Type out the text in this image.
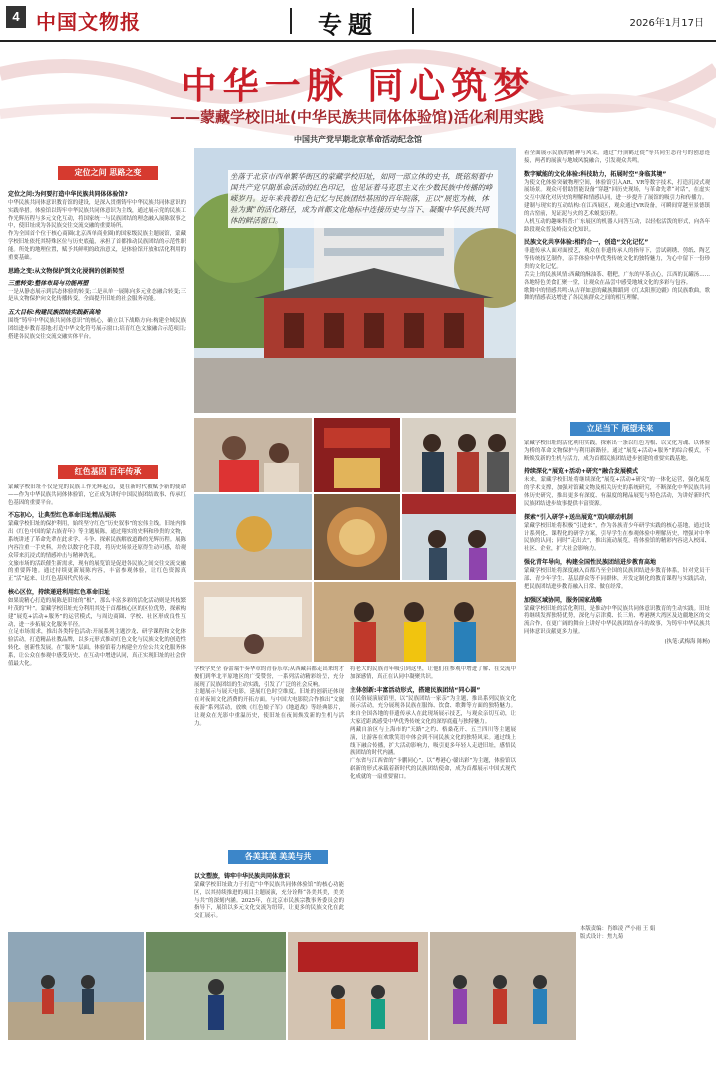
4 中国文物报	专题	2026年1月17日
中华一脉 同心筑梦
——蒙藏学校旧址(中华民族共同体体验馆)活化利用实践
中国共产党早期北京革命活动纪念馆
坐落于北京市西单繁华街区的蒙藏学校旧址，如同一部立体的史书，既铭刻着中国共产党早期革命活动的红色印记，也见证着马克思主义在少数民族中传播的峥嵘岁月。近年来我着红色记忆与民族团结基因的百年院落，正以“展览为核、体验为翼”的活化路径，成为首都文化地标中连接历史与当下、凝聚中华民族共同体的鲜活窗口。
定位之问 思路之变
定位之问:为何要打造中华民族共同体体验馆?

中华民族共同体意识教育馆的建设，是深入贯彻铸牢中华民族共同体意识的实践举措。体验馆以铸牢中华民族共同体意识为主线，通过展示党的民族工作光辉历程与多元文化互动，将国家统一与民族团结的理念融入展陈叙事之中，使旧址成为各民族交往交流交融的重要场所。

作为全国首个位于核心商圈(北京西单商业圈)的国家级民族主题展馆，蒙藏学校旧址依托其特殊区位与历史底蕴，承担了首都推动民族团结的示范性职能。所处的地理位置，赋予其鲜明的政治意义，是体验馆开放和活化利用的重要基础。

思路之变:从文物保护到文化浸润的创新转型
三重转变:整体布局与功能再塑

一是从静态展示到活态体验的转变;二是从单一展陈向多元业态融合转变;三是从文物保护向文化传播转变，全面提升旧址的社会服务功能。

五大目标:构建民族团结实践新高地

围绕“铸牢中华民族共同体意识”的核心，确立以下战略方向:构建全域民族团结进步教育基地;打造中华文化符号展示窗口;培育红色文旅融合示范项目;搭建各民族交往交流交融实体平台。

红色基因 百年传承

蒙藏学校旧址不仅是党的民族工作光辉起点，更在新时代被赋予新的使命——作为中华民族共同体体验馆，它正成为讲好中国民族团结故事、传承红色基因的重要平台。

不忘初心，让典型红色革命旧址精品展陈

蒙藏学校旧址的保护利用，始终坚守红色“历史叙事”的宏伟主线。旧址内推出《红色中国的蒙古族青年》等主题展陈，通过翔实的史料和珍贵的文物，系统讲述了革命先辈在此求学、斗争、探索民族解放道路的光辉历程。展陈内容注重一手史料，并佐以数字化手段，将历史场景还原得生动可感，给观众带来沉浸式的情感冲击与精神洗礼。

文旅市场的活跃催生新需求，现有的展览馆是促进各民族之间交往交流交融的重要阵地。通过持续更新展陈内容，丰富参观体验，让红色资源真正“活”起来、让红色基因代代传承。

核心区位，持续递进利用红色革命旧址

如果说精心打造的展陈是旧址的“根”，那么丰富多彩的活化活动则是其枝繁叶茂的“叶”。蒙藏学校旧址充分利用其处于首都核心区的区位优势，探索构建“展览+活动+服务”的运营模式，与周边商圈、学校、社区形成良性互动，进一步拓展文化服务半径。

立足市场需求，推出各类特色活动:开展系列主题沙龙、研学课程和文化体验活动，打造精品社教品牌，以多元形式推动红色文化与民族文化的创造性转化、创新性发展。在“服务”层面，体验馆着力构建全方位公共文化服务体系，让公众在参观中感受历史、在互动中增进认同，真正实现旧址的社会价值最大化。

学校学史全 春蕾端午奏华章的青春乐章;从西藏昌都走出来的才俊们到华北平原地区的广受赞誉，一系列活动精彩纷呈，充分展现了民族团结的生动实践，引发了广泛的社会反响。

主题展示与展天电影，延展红色时空维度。旧址的创新还体现在对夜间文化消费的开拓方面。与中国大电影院合作推出“文旅夜游”系列活动，放映《红色娘子军》《地道战》等经典影片，让观众在光影中重温历史，使旧址在夜间焕发新的生机与活力。

各美其美 美美与共
以文塑旅，铸牢中华民族共同体意识

蒙藏学校旧址致力于打造“中华民族共同体体验馆”的核心功能区，以其持续推进的项目主题展演，充分诠释“各美其美，美美与共”的深刻内涵。2025年，在北京市民族宗教事务委员会的指导下，展馆以多元文化交流为纽带，让更多的民族文化在此交汇展示。

将老大的民族青年吸引到这里，让他们在参观中增进了解、在交流中加深感情，真正在认同中凝聚共识。

主体创新:丰富活动形式，搭建民族团结“同心圆”

在民俗展演展馆里，以“民族团结一家亲”为主题，推出系列民族文化展示活动，充分展现各民族在服饰、饮食、歌舞等方面的独特魅力。来自全国各地的非遗传承人在此现场展示技艺，与观众亲切互动，让大家近距离感受中华优秀传统文化的深厚底蕴与独特魅力。

两藏自治区与上海市的“天路”之约、格桑花开、五兰四川等主题展演，让游客在欢歌笑语中体会到不同民族文化的独特风采。通过线上线下融合传播，扩大活动影响力，吸引更多年轻人走进旧址，感悟民族团结的时代内涵。

广东省与江西省的“卡鹏同心”、以“粤港心·赣出彩”为主题，体验馆以崭新的形式承载着新时代的民族团结使命，成为首都展示中国式现代化成就的一扇重要窗口。

着全面展示民族的精神与风采。通过“丹顶鹤迁徙”等共同生态符号的创意连接，两者的展演与地域风貌融合，引发观众共鸣。

数字赋能的文化体验:科技助力，拓展时空“身临其境”

为使文化体验突破物理空间，体验馆引入AR、VR等数字技术，打造沉浸式观展场景。观众可借助智能设备“穿越”回历史现场，与革命先辈“对话”，在虚实交互中深化对历史的理解和情感认同，进一步提升了展馆的吸引力和传播力。

建制与现实的互动结构:在江西展区，观众通过VR设备，可瞬间穿越至景德镇的古窑前，见证泥与火的艺术蜕变历程。

人机互动的趣味科普:广东展区的机器人同答互动，以轻松活泼的形式，向各年龄段观众普及岭南文化知识。

民族文化共享体验:相约合一，创造“文化记忆”

非遗传承人面对面授艺，观众在非遗传承人的指导下，尝试刺绣、剪纸、陶艺等传统技艺制作，亲手体验中华优秀传统文化的独特魅力，为心中留下一份珍贵的文化记忆。

舌尖上的民族风情:西藏的酥油茶、糌粑，广东的早茶点心，江西的瓦罐汤……各地特色美食汇聚一堂，让观众在品尝中感受地域文化的多彩与包容。

歌舞中的情感共鸣:从吉祥如意的藏族舞蹈到《红太阳照边疆》的民族歌曲，歌舞的情感表达增进了各民族群众之间的相互理解。

立足当下 展望未来

蒙藏学校旧址的活化利用实践，探索出一条以红色为根、以文化为魂、以体验为桥的革命文物保护与利用新路径。通过“展览+活动+服务”的综合模式，不断焕发新的生机与活力，成为首都民族团结进步创建的重要实践基地。

持续深化“展览+活动+研究”融合发展模式

未来，蒙藏学校旧址将继续深化“展览+活动+研究”的一体化运营，强化展览的学术支撑，加强对馆藏文物及相关历史的系统研究，不断深化中华民族共同体历史研究，推出更多有深度、有温度的精品展览与特色活动，为讲好新时代民族团结进步故事提供丰富资源。

探索“引入研学+送出展览”双向联动机制

蒙藏学校旧址将积极“引进来”，作为各族青少年研学实践的核心基地，通过设计系列化、课程化的研学方案，引导学生在参观体验中理解历史，增强对中华民族的认同；同时“走出去”，推出流动展览，将体验馆的精彩内容送入校园、社区、企业，扩大社会影响力。

强化青年导向，构建全国性民族团结进步教育高地

蒙藏学校旧址将深度融入首都乃至全国的民族团结进步教育体系，针对党员干部、青少年学生、基层群众等不同群体，开发定制化的教育课程与实践活动，把民族团结进步教育融入日常、做在经常。

加强区域协同，服务国家战略

蒙藏学校旧址的活化利用，是推动中华民族共同体意识教育的生动实践。旧址将继续发挥独特优势，深化与京津冀、长三角、粤港澳大湾区及边疆地区的交流合作，在更广阔的舞台上讲好中华民族团结奋斗的故事，为铸牢中华民族共同体意识贡献更多力量。

(执笔:武梅海 陈畅)
本版责编：肖维凌 严小雨 王 娟
版式设计：焦九菊
